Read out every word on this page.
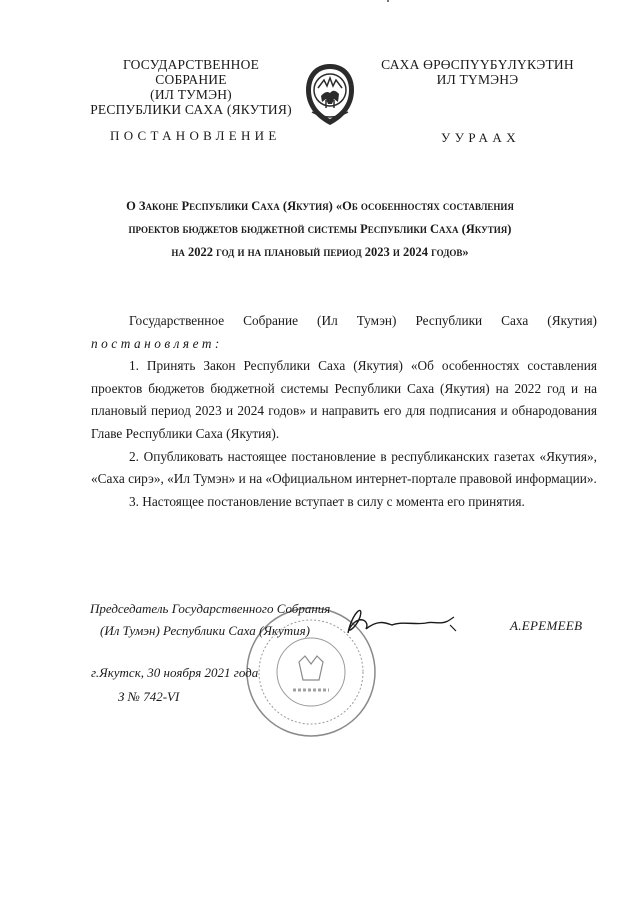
ГОСУДАРСТВЕННОЕ СОБРАНИЕ
(ИЛ ТУМЭН)
РЕСПУБЛИКИ САХА (ЯКУТИЯ)
САХА ӨРӨСПҮҮБҮЛҮКЭТИН
ИЛ ТҮМЭНЭ
ПОСТАНОВЛЕНИЕ	УУРААХ
О Законе Республики Саха (Якутия) «Об особенностях составления
проектов бюджетов бюджетной системы Республики Саха (Якутия)
на 2022 год и на плановый период 2023 и 2024 годов»

Государственное Собрание (Ил Тумэн) Республики Саха (Якутия)

постановляет:

1. Принять Закон Республики Саха (Якутия) «Об особенностях составления проектов бюджетов бюджетной системы Республики Саха (Якутия) на 2022 год и на плановый период 2023 и 2024 годов» и направить его для подписания и обнародования Главе Республики Саха (Якутия).

2. Опубликовать настоящее постановление в республиканских газетах «Якутия», «Саха сирэ», «Ил Тумэн» и на «Официальном интернет-портале правовой информации».

3. Настоящее постановление вступает в силу с момента его принятия.

Председатель Государственного Собрания
(Ил Тумэн) Республики Саха (Якутия)	А.ЕРЕМЕЕВ
г.Якутск, 30 ноября 2021 года
З № 742-VI
